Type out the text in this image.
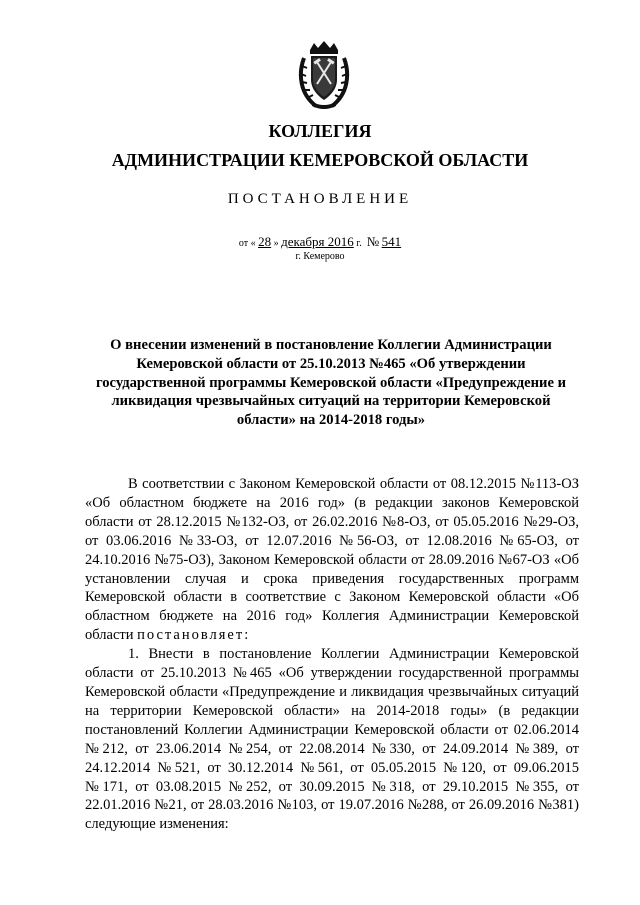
КОЛЛЕГИЯ
АДМИНИСТРАЦИИ КЕМЕРОВСКОЙ ОБЛАСТИ
ПОСТАНОВЛЕНИЕ
от « 28 » декабря 2016 г. № 541
г. Кемерово
О внесении изменений в постановление Коллегии Администрации Кемеровской области от 25.10.2013 №465 «Об утверждении государственной программы Кемеровской области «Предупреждение и ликвидация чрезвычайных ситуаций на территории Кемеровской области» на 2014-2018 годы»

В соответствии с Законом Кемеровской области от 08.12.2015 №113-ОЗ «Об областном бюджете на 2016 год» (в редакции законов Кемеровской области от 28.12.2015 №132-ОЗ, от 26.02.2016 №8-ОЗ, от 05.05.2016 №29-ОЗ, от 03.06.2016 №33-ОЗ, от 12.07.2016 №56-ОЗ, от 12.08.2016 №65-ОЗ, от 24.10.2016 №75-ОЗ), Законом Кемеровской области от 28.09.2016 №67-ОЗ «Об установлении случая и срока приведения государственных программ Кемеровской области в соответствие с Законом Кемеровской области «Об областном бюджете на 2016 год» Коллегия Администрации Кемеровской области постановляет:

1. Внести в постановление Коллегии Администрации Кемеровской области от 25.10.2013 №465 «Об утверждении государственной программы Кемеровской области «Предупреждение и ликвидация чрезвычайных ситуаций на территории Кемеровской области» на 2014-2018 годы» (в редакции постановлений Коллегии Администрации Кемеровской области от 02.06.2014 №212, от 23.06.2014 №254, от 22.08.2014 №330, от 24.09.2014 №389, от 24.12.2014 №521, от 30.12.2014 №561, от 05.05.2015 №120, от 09.06.2015 №171, от 03.08.2015 №252, от 30.09.2015 №318, от 29.10.2015 №355, от 22.01.2016 №21, от 28.03.2016 №103, от 19.07.2016 №288, от 26.09.2016 №381) следующие изменения:
